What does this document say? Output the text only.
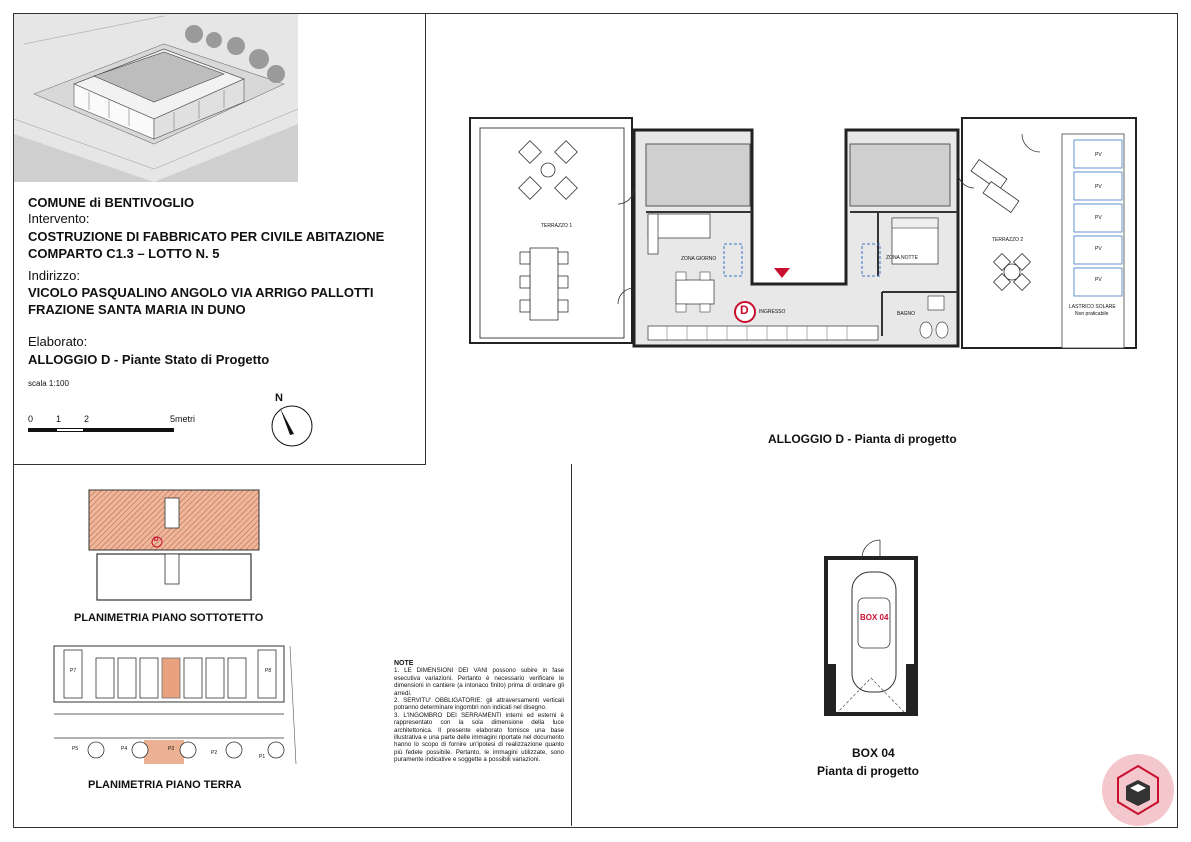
COMUNE di BENTIVOGLIO
Intervento:
COSTRUZIONE DI FABBRICATO PER CIVILE ABITAZIONE
COMPARTO C1.3 – LOTTO N. 5
Indirizzo:
VICOLO PASQUALINO ANGOLO VIA ARRIGO PALLOTTI
FRAZIONE SANTA MARIA IN DUNO
Elaborato:
ALLOGGIO D - Piante Stato di Progetto
scala 1:100
0	1	2	5metri
N
TERRAZZO 1
TERRAZZO 2
ZONA GIORNO	ZONA NOTTE
INGRESSO	BAGNO
LASTRICO SOLARE
Non praticabile
PV
PV
PV
PV
PV
D
ALLOGGIO D - Pianta di progetto
BOX 04
BOX 04
Pianta di progetto
D
PLANIMETRIA PIANO SOTTOTETTO
P7	P8
P5	P4	P3
P2
P1
PLANIMETRIA PIANO TERRA
NOTE
1. LE DIMENSIONI DEI VANI possono subire in fase esecutiva variazioni. Pertanto è necessario verificare le dimensioni in cantiere (a intonaco finito) prima di ordinare gli arredi.
2. SERVITU' OBBLIGATORIE: gli attraversamenti verticali potranno determinare ingombri non indicati nel disegno.
3. L'INGOMBRO DEI SERRAMENTI interni ed esterni è rappresentato con la sola dimensione della luce architettonica. Il presente elaborato fornisce una base illustrativa e una parte delle immagini riportate nel documento hanno lo scopo di fornire un'ipotesi di realizzazione quanto più fedele possibile. Pertanto, le immagini utilizzate, sono puramente indicative e soggette a possibili variazioni.
